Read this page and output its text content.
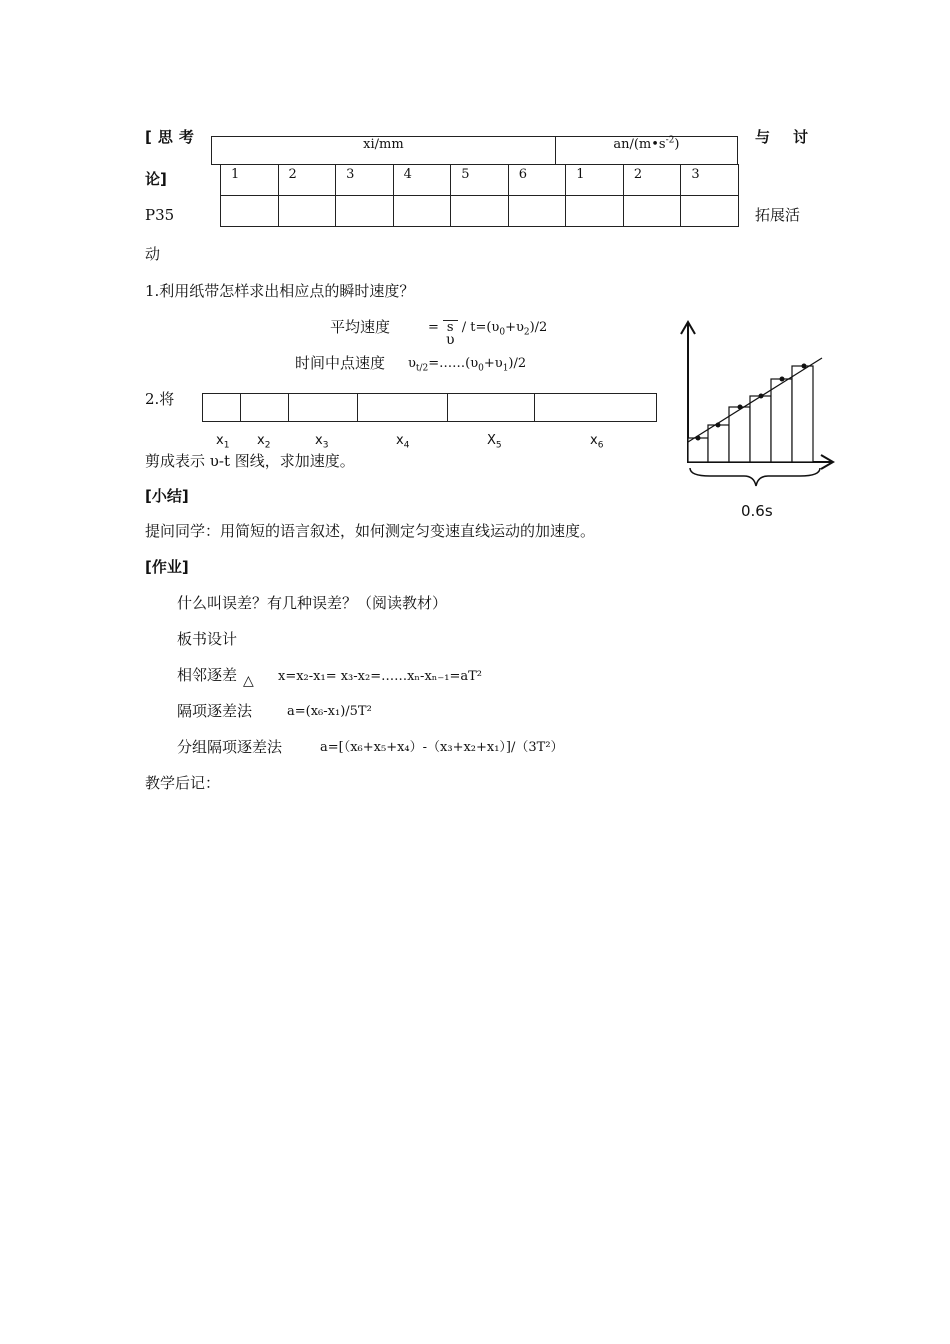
[思考	与　讨
论]
P35	拓展活
动
xi/mm	$an/(m•s^{-2})$
1	2	3	4	5	6	1	2	3

1.利用纸带怎样求出相应点的瞬时速度？
平均速度	= $s / t=(\upsilon_0+\upsilon_2)/2$
υ
时间中点速度 $\upsilon_{t/2}=\dots\dots(\upsilon_0+\upsilon_1)/2$
2.将
$x_1$ $x_2$	$x_3$	$x_4$	$X_5$	$x_6$
剪成表示 υ-t 图线，求加速度。
0.6s
[小结]
提问同学：用简短的语言叙述，如何测定匀变速直线运动的加速度。
[作业]
什么叫误差？有几种误差？（阅读教材）
板书设计
相邻逐差 △ x=x₂-x₁= x₃-x₂=……xₙ-xₙ₋₁=aT²
隔项逐差法	a=(x₆-x₁)/5T²
分组隔项逐差法	a=[（x₆+x₅+x₄）-（x₃+x₂+x₁）]/（3T²）
教学后记：
